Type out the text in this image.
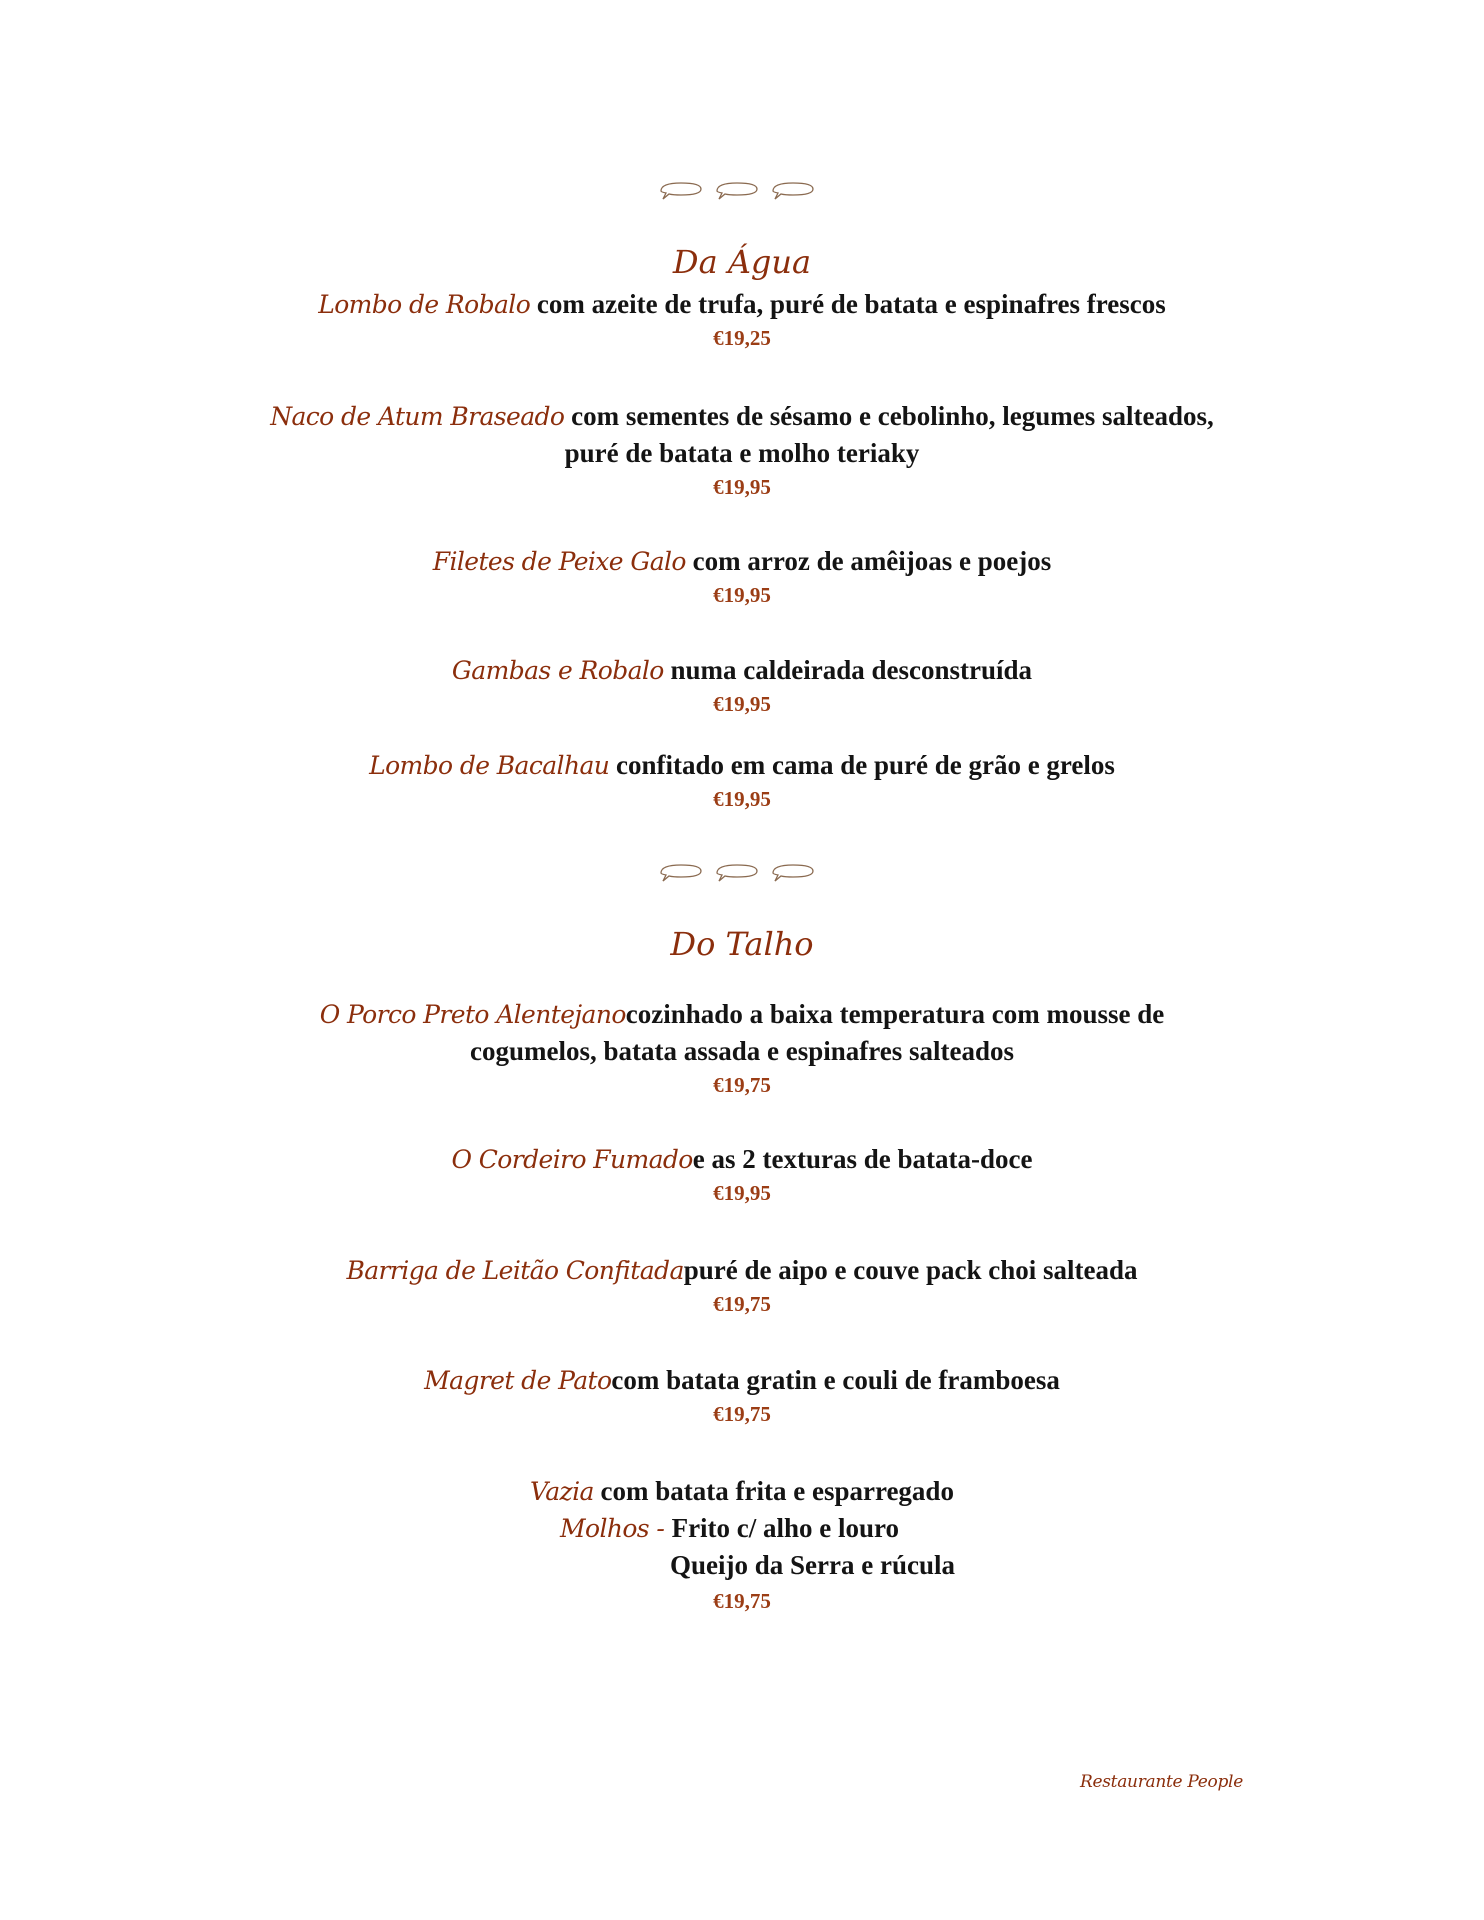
Da Água
Lombo de Robalo com azeite de trufa, puré de batata e espinafres frescos
€19,25
Naco de Atum Braseado com sementes de sésamo e cebolinho, legumes salteados,
puré de batata e molho teriaky
€19,95
Filetes de Peixe Galo com arroz de amêijoas e poejos
€19,95
Gambas e Robalo numa caldeirada desconstruída
€19,95
Lombo de Bacalhau confitado em cama de puré de grão e grelos
€19,95
Do Talho
O Porco Preto Alentejanocozinhado a baixa temperatura com mousse de
cogumelos, batata assada e espinafres salteados
€19,75
O Cordeiro Fumadoe as 2 texturas de batata-doce
€19,95
Barriga de Leitão Confitadapuré de aipo e couve pack choi salteada
€19,75
Magret de Patocom batata gratin e couli de framboesa
€19,75
Vazia com batata frita e esparregado
Molhos - Frito c/ alho e louro
Queijo da Serra e rúcula
€19,75
Restaurante People
